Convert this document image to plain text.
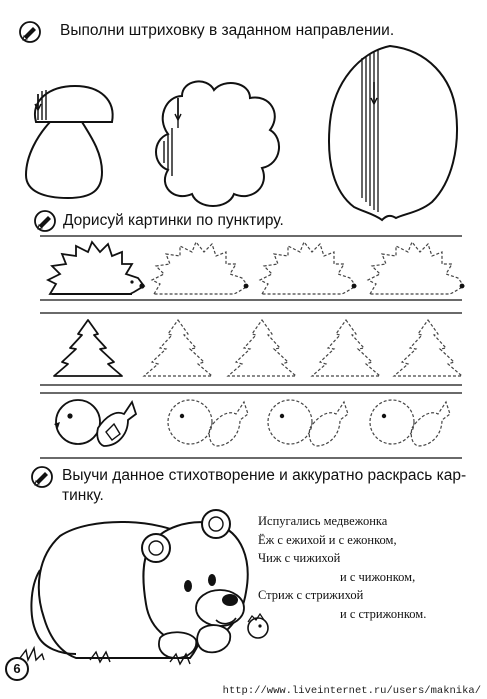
Выполни штриховку в заданном направлении.
Дорисуй картинки по пунктиру.
Выучи данное стихотворение и аккуратно раскрась кар-
тинку.
Испугались медвежонка
Ёж с ежихой и с ежонком,
Чиж с чижихой
и с чижонком,
Стриж с стрижихой
и с стрижонком.
6
http://www.liveinternet.ru/users/maknika/
